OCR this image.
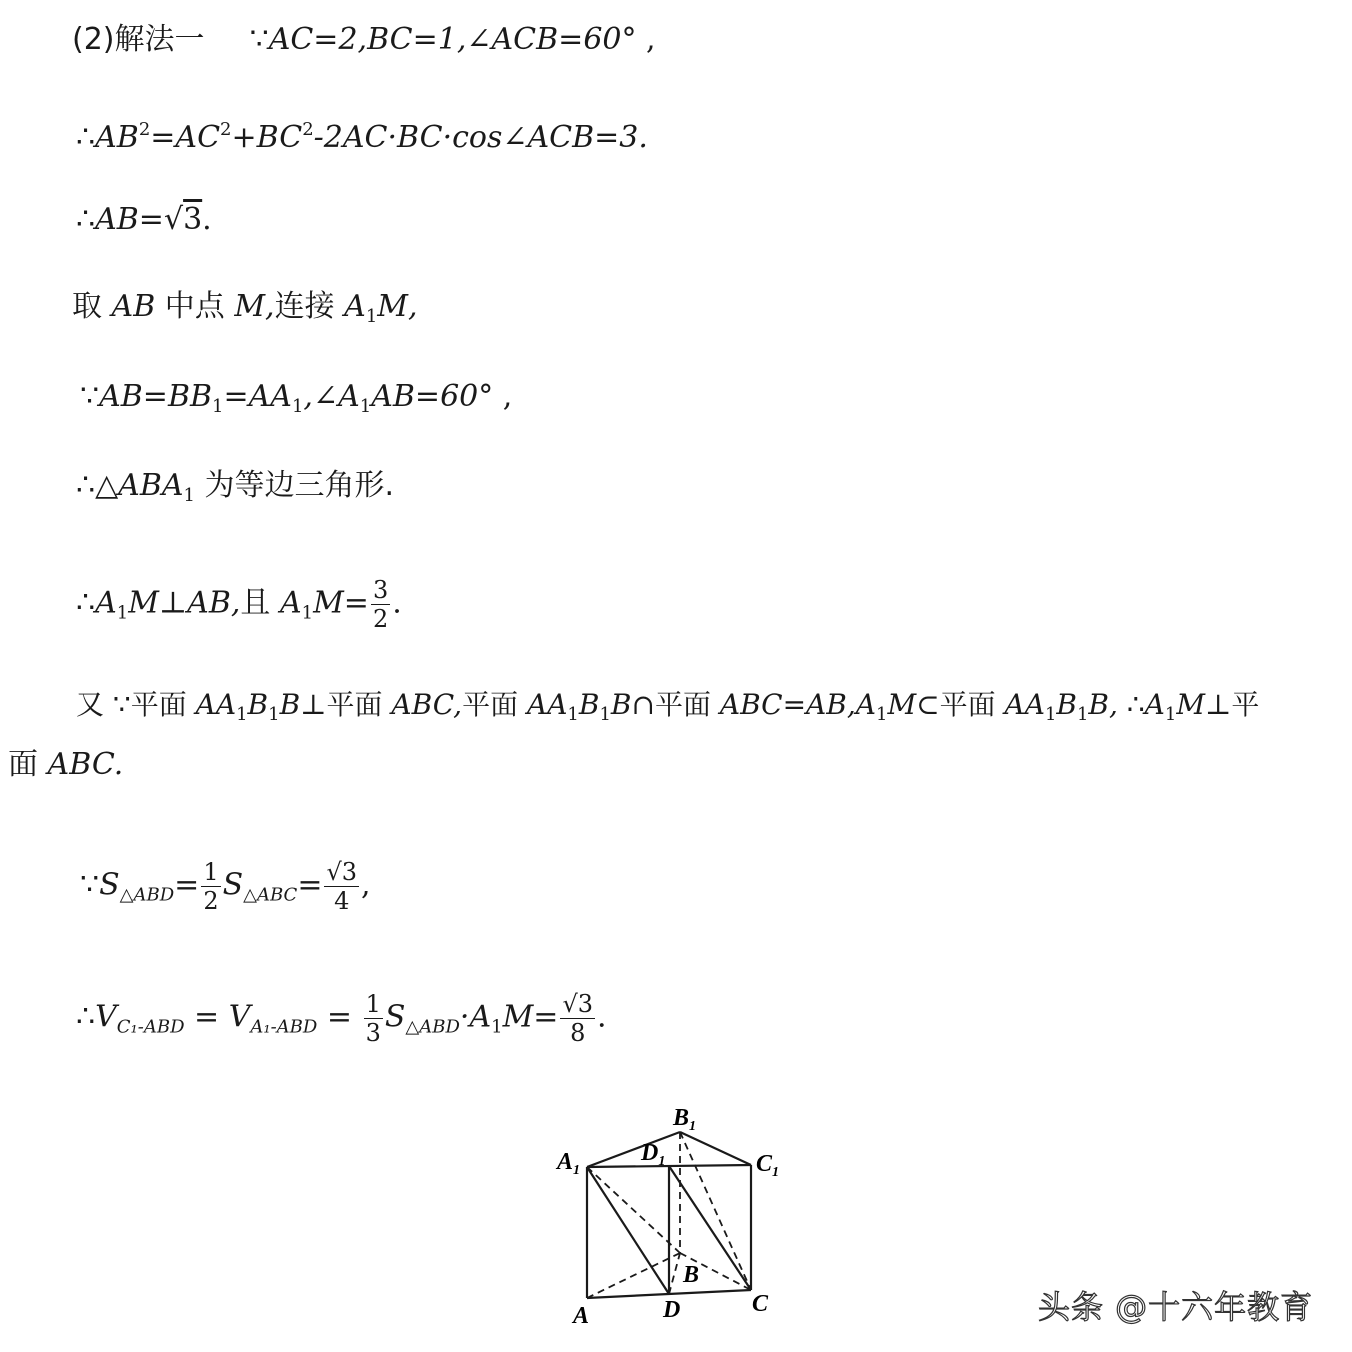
(2)解法一 ∵AC=2,BC=1,∠ACB=60° ,
$\therefore AB^2=AC^2+BC^2-2AC\cdot BC\cdot\cos\angle ACB=3$.
∴AB=√3.
取 AB 中点 M,连接 $A_1M$,
$\because AB=BB_1=AA_1,\angle A_1AB=60^\circ$ ,
$\therefore\triangle ABA_1$ 为等边三角形.
$\therefore A_1M\perp AB$,且 $A_1M= \frac{3}{2}$ .
又 ∵平面 $AA_1B_1B\perp$平面 ABC,平面 $AA_1B_1B\cap$平面 $ABC=AB,A_1M\subset$平面 $AA_1B_1B$, $\therefore A_1M\perp$平
面 ABC.
$\because S_{\triangle ABD}= \frac{1}{2} S_{\triangle ABC}= \frac{√3}{4}$ ,
$\therefore V_{C_1-ABD} = V_{A_1-ABD} = \frac{1}{3} S_{\triangle ABD}\cdot A_1M= \frac{√3}{8}$ .
$B_1$
$A_1$
$D_1$	$C_1$
B
A	D	C	头条 @十六年教育
